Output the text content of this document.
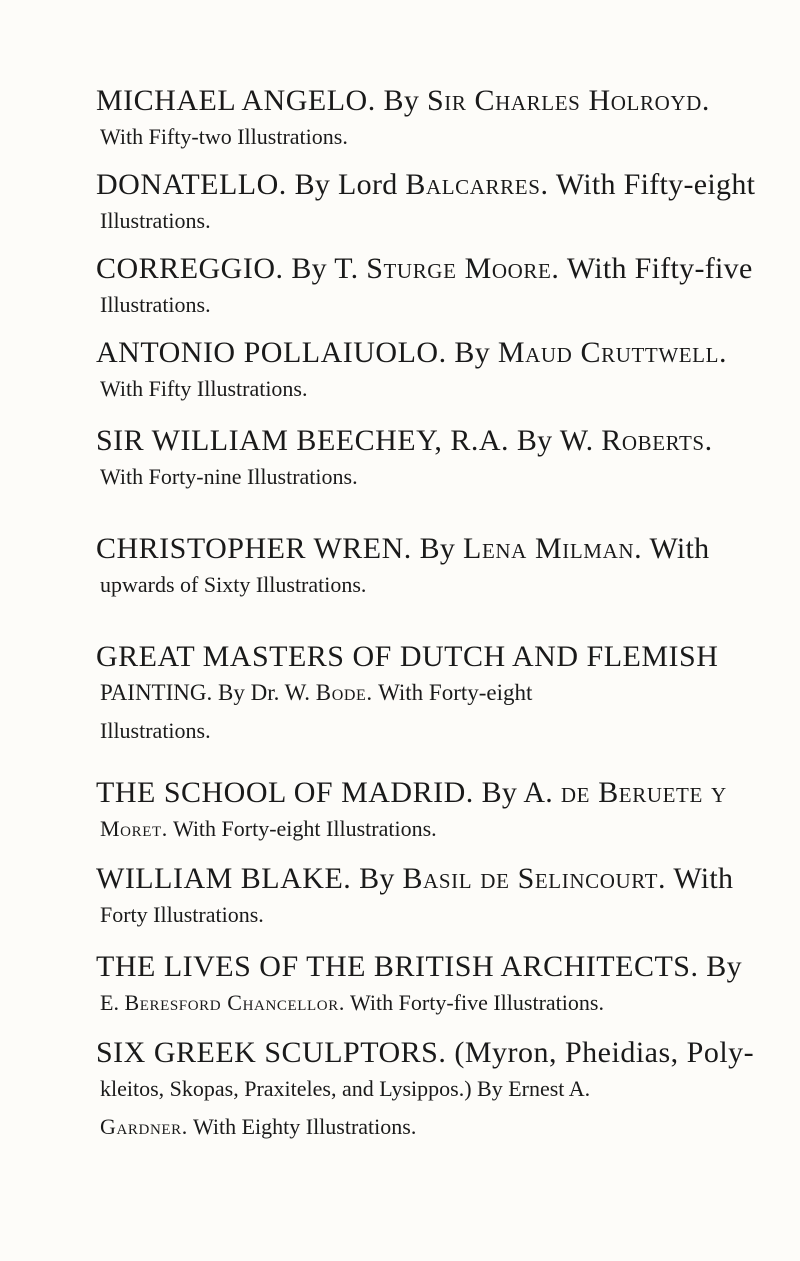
MICHAEL ANGELO. By Sir Charles Holroyd.
With Fifty-two Illustrations.
DONATELLO. By Lord Balcarres. With Fifty-eight
Illustrations.
CORREGGIO. By T. Sturge Moore. With Fifty-five
Illustrations.
ANTONIO POLLAIUOLO. By Maud Cruttwell.
With Fifty Illustrations.
SIR WILLIAM BEECHEY, R.A. By W. Roberts.
With Forty-nine Illustrations.
CHRISTOPHER WREN. By Lena Milman. With
upwards of Sixty Illustrations.
GREAT MASTERS OF DUTCH AND FLEMISH
PAINTING. By Dr. W. Bode. With Forty-eight
Illustrations.
THE SCHOOL OF MADRID. By A. de Beruete y
Moret. With Forty-eight Illustrations.
WILLIAM BLAKE. By Basil de Selincourt. With
Forty Illustrations.
THE LIVES OF THE BRITISH ARCHITECTS. By
E. Beresford Chancellor. With Forty-five Illustrations.
SIX GREEK SCULPTORS. (Myron, Pheidias, Poly-
kleitos, Skopas, Praxiteles, and Lysippos.) By Ernest A.
Gardner. With Eighty Illustrations.
